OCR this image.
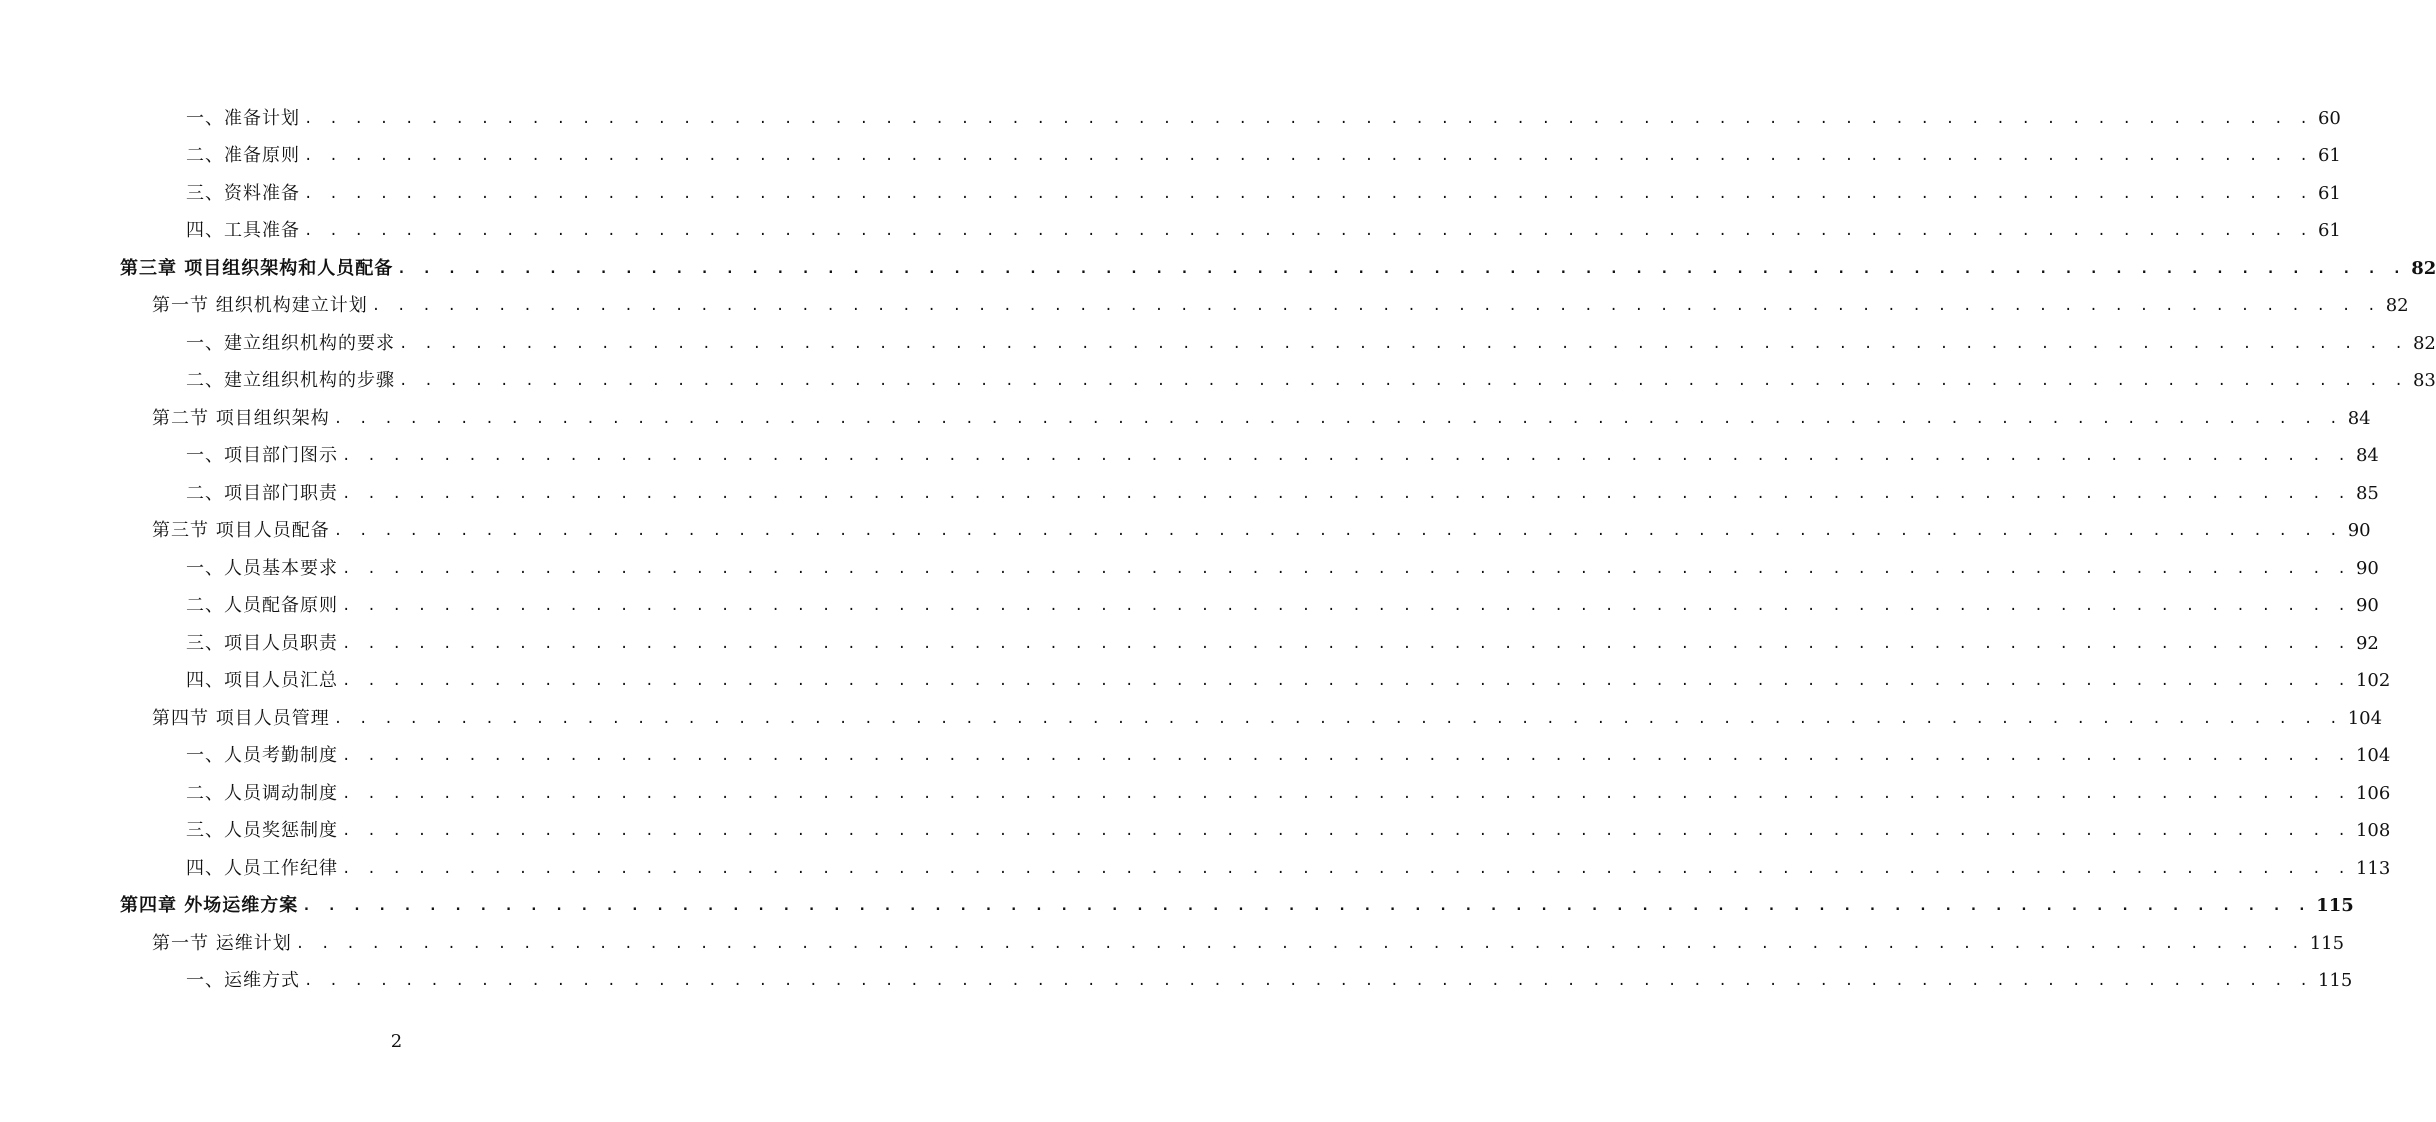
一、准备计划 . . . . . . . . . . . . . . . . . . . . . . . . . . . . . . . . . . . . . . . . . . . . . . . . . . . . . . . . . . . . . . . . . . . . . . . . . . . . . . . . 60
二、准备原则 . . . . . . . . . . . . . . . . . . . . . . . . . . . . . . . . . . . . . . . . . . . . . . . . . . . . . . . . . . . . . . . . . . . . . . . . . . . . . . . . 61
三、资料准备 . . . . . . . . . . . . . . . . . . . . . . . . . . . . . . . . . . . . . . . . . . . . . . . . . . . . . . . . . . . . . . . . . . . . . . . . . . . . . . . . 61
四、工具准备 . . . . . . . . . . . . . . . . . . . . . . . . . . . . . . . . . . . . . . . . . . . . . . . . . . . . . . . . . . . . . . . . . . . . . . . . . . . . . . . . 61
第三章 项目组织架构和人员配备 . . . . . . . . . . . . . . . . . . . . . . . . . . . . . . . . . . . . . . . . . . . . . . . . . . . . . . . . . . . . . . . . . . . . . . . . . . . . . . . . 82
第一节 组织机构建立计划 . . . . . . . . . . . . . . . . . . . . . . . . . . . . . . . . . . . . . . . . . . . . . . . . . . . . . . . . . . . . . . . . . . . . . . . . . . . . . . . . 82
一、建立组织机构的要求 . . . . . . . . . . . . . . . . . . . . . . . . . . . . . . . . . . . . . . . . . . . . . . . . . . . . . . . . . . . . . . . . . . . . . . . . . . . . . . . . 82
二、建立组织机构的步骤 . . . . . . . . . . . . . . . . . . . . . . . . . . . . . . . . . . . . . . . . . . . . . . . . . . . . . . . . . . . . . . . . . . . . . . . . . . . . . . . . 83
第二节 项目组织架构 . . . . . . . . . . . . . . . . . . . . . . . . . . . . . . . . . . . . . . . . . . . . . . . . . . . . . . . . . . . . . . . . . . . . . . . . . . . . . . . . 84
一、项目部门图示 . . . . . . . . . . . . . . . . . . . . . . . . . . . . . . . . . . . . . . . . . . . . . . . . . . . . . . . . . . . . . . . . . . . . . . . . . . . . . . . . 84
二、项目部门职责 . . . . . . . . . . . . . . . . . . . . . . . . . . . . . . . . . . . . . . . . . . . . . . . . . . . . . . . . . . . . . . . . . . . . . . . . . . . . . . . . 85
第三节 项目人员配备 . . . . . . . . . . . . . . . . . . . . . . . . . . . . . . . . . . . . . . . . . . . . . . . . . . . . . . . . . . . . . . . . . . . . . . . . . . . . . . . . 90
一、人员基本要求 . . . . . . . . . . . . . . . . . . . . . . . . . . . . . . . . . . . . . . . . . . . . . . . . . . . . . . . . . . . . . . . . . . . . . . . . . . . . . . . . 90
二、人员配备原则 . . . . . . . . . . . . . . . . . . . . . . . . . . . . . . . . . . . . . . . . . . . . . . . . . . . . . . . . . . . . . . . . . . . . . . . . . . . . . . . . 90
三、项目人员职责 . . . . . . . . . . . . . . . . . . . . . . . . . . . . . . . . . . . . . . . . . . . . . . . . . . . . . . . . . . . . . . . . . . . . . . . . . . . . . . . . 92
四、项目人员汇总 . . . . . . . . . . . . . . . . . . . . . . . . . . . . . . . . . . . . . . . . . . . . . . . . . . . . . . . . . . . . . . . . . . . . . . . . . . . . . . . . 102
第四节 项目人员管理 . . . . . . . . . . . . . . . . . . . . . . . . . . . . . . . . . . . . . . . . . . . . . . . . . . . . . . . . . . . . . . . . . . . . . . . . . . . . . . . . 104
一、人员考勤制度 . . . . . . . . . . . . . . . . . . . . . . . . . . . . . . . . . . . . . . . . . . . . . . . . . . . . . . . . . . . . . . . . . . . . . . . . . . . . . . . . 104
二、人员调动制度 . . . . . . . . . . . . . . . . . . . . . . . . . . . . . . . . . . . . . . . . . . . . . . . . . . . . . . . . . . . . . . . . . . . . . . . . . . . . . . . . 106
三、人员奖惩制度 . . . . . . . . . . . . . . . . . . . . . . . . . . . . . . . . . . . . . . . . . . . . . . . . . . . . . . . . . . . . . . . . . . . . . . . . . . . . . . . . 108
四、人员工作纪律 . . . . . . . . . . . . . . . . . . . . . . . . . . . . . . . . . . . . . . . . . . . . . . . . . . . . . . . . . . . . . . . . . . . . . . . . . . . . . . . . 113
第四章 外场运维方案 . . . . . . . . . . . . . . . . . . . . . . . . . . . . . . . . . . . . . . . . . . . . . . . . . . . . . . . . . . . . . . . . . . . . . . . . . . . . . . . . 115
第一节 运维计划 . . . . . . . . . . . . . . . . . . . . . . . . . . . . . . . . . . . . . . . . . . . . . . . . . . . . . . . . . . . . . . . . . . . . . . . . . . . . . . . . 115
一、运维方式 . . . . . . . . . . . . . . . . . . . . . . . . . . . . . . . . . . . . . . . . . . . . . . . . . . . . . . . . . . . . . . . . . . . . . . . . . . . . . . . . 115
2
